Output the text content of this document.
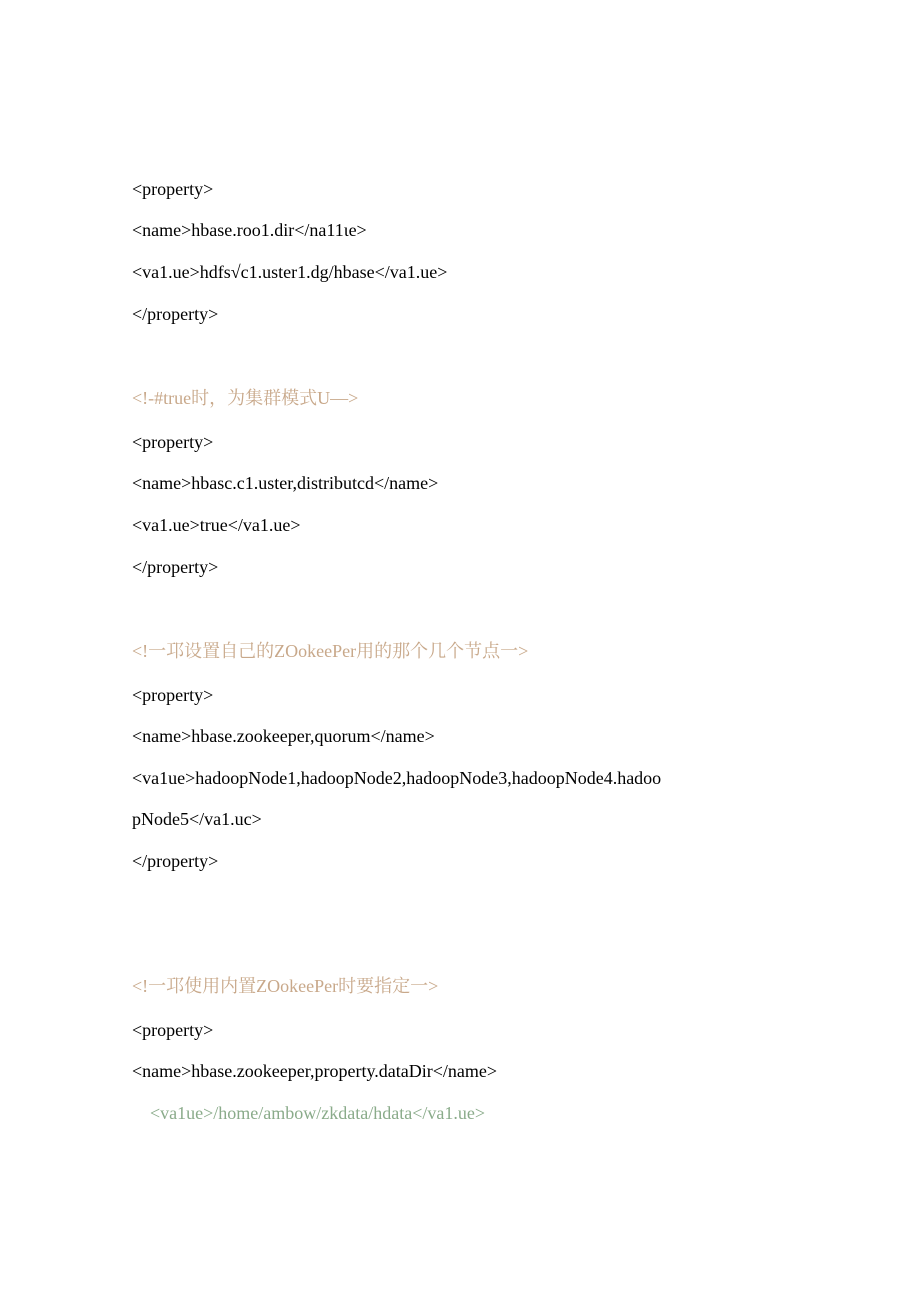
<property>
<name>hbase.roo1.dir</na11ιe>
<va1.ue>hdfs√c1.uster1.dg/hbase</va1.ue>
</property>
<!-#true时，为集群模式U—>
<property>
<name>hbasc.c1.uster,distributcd</name>
<va1.ue>true</va1.ue>
</property>
<!一邛设置自己的ZOokeePer用的那个几个节点一>
<property>
<name>hbase.zookeeper,quorum</name>
<va1ue>hadoopNode1,hadoopNode2,hadoopNode3,hadoopNode4.hadoo
pNode5</va1.uc>
</property>
<!一邛使用内置ZOokeePer时要指定一>
<property>
<name>hbase.zookeeper,property.dataDir</name>
<va1ue>/home/ambow/zkdata/hdata</va1.ue>
